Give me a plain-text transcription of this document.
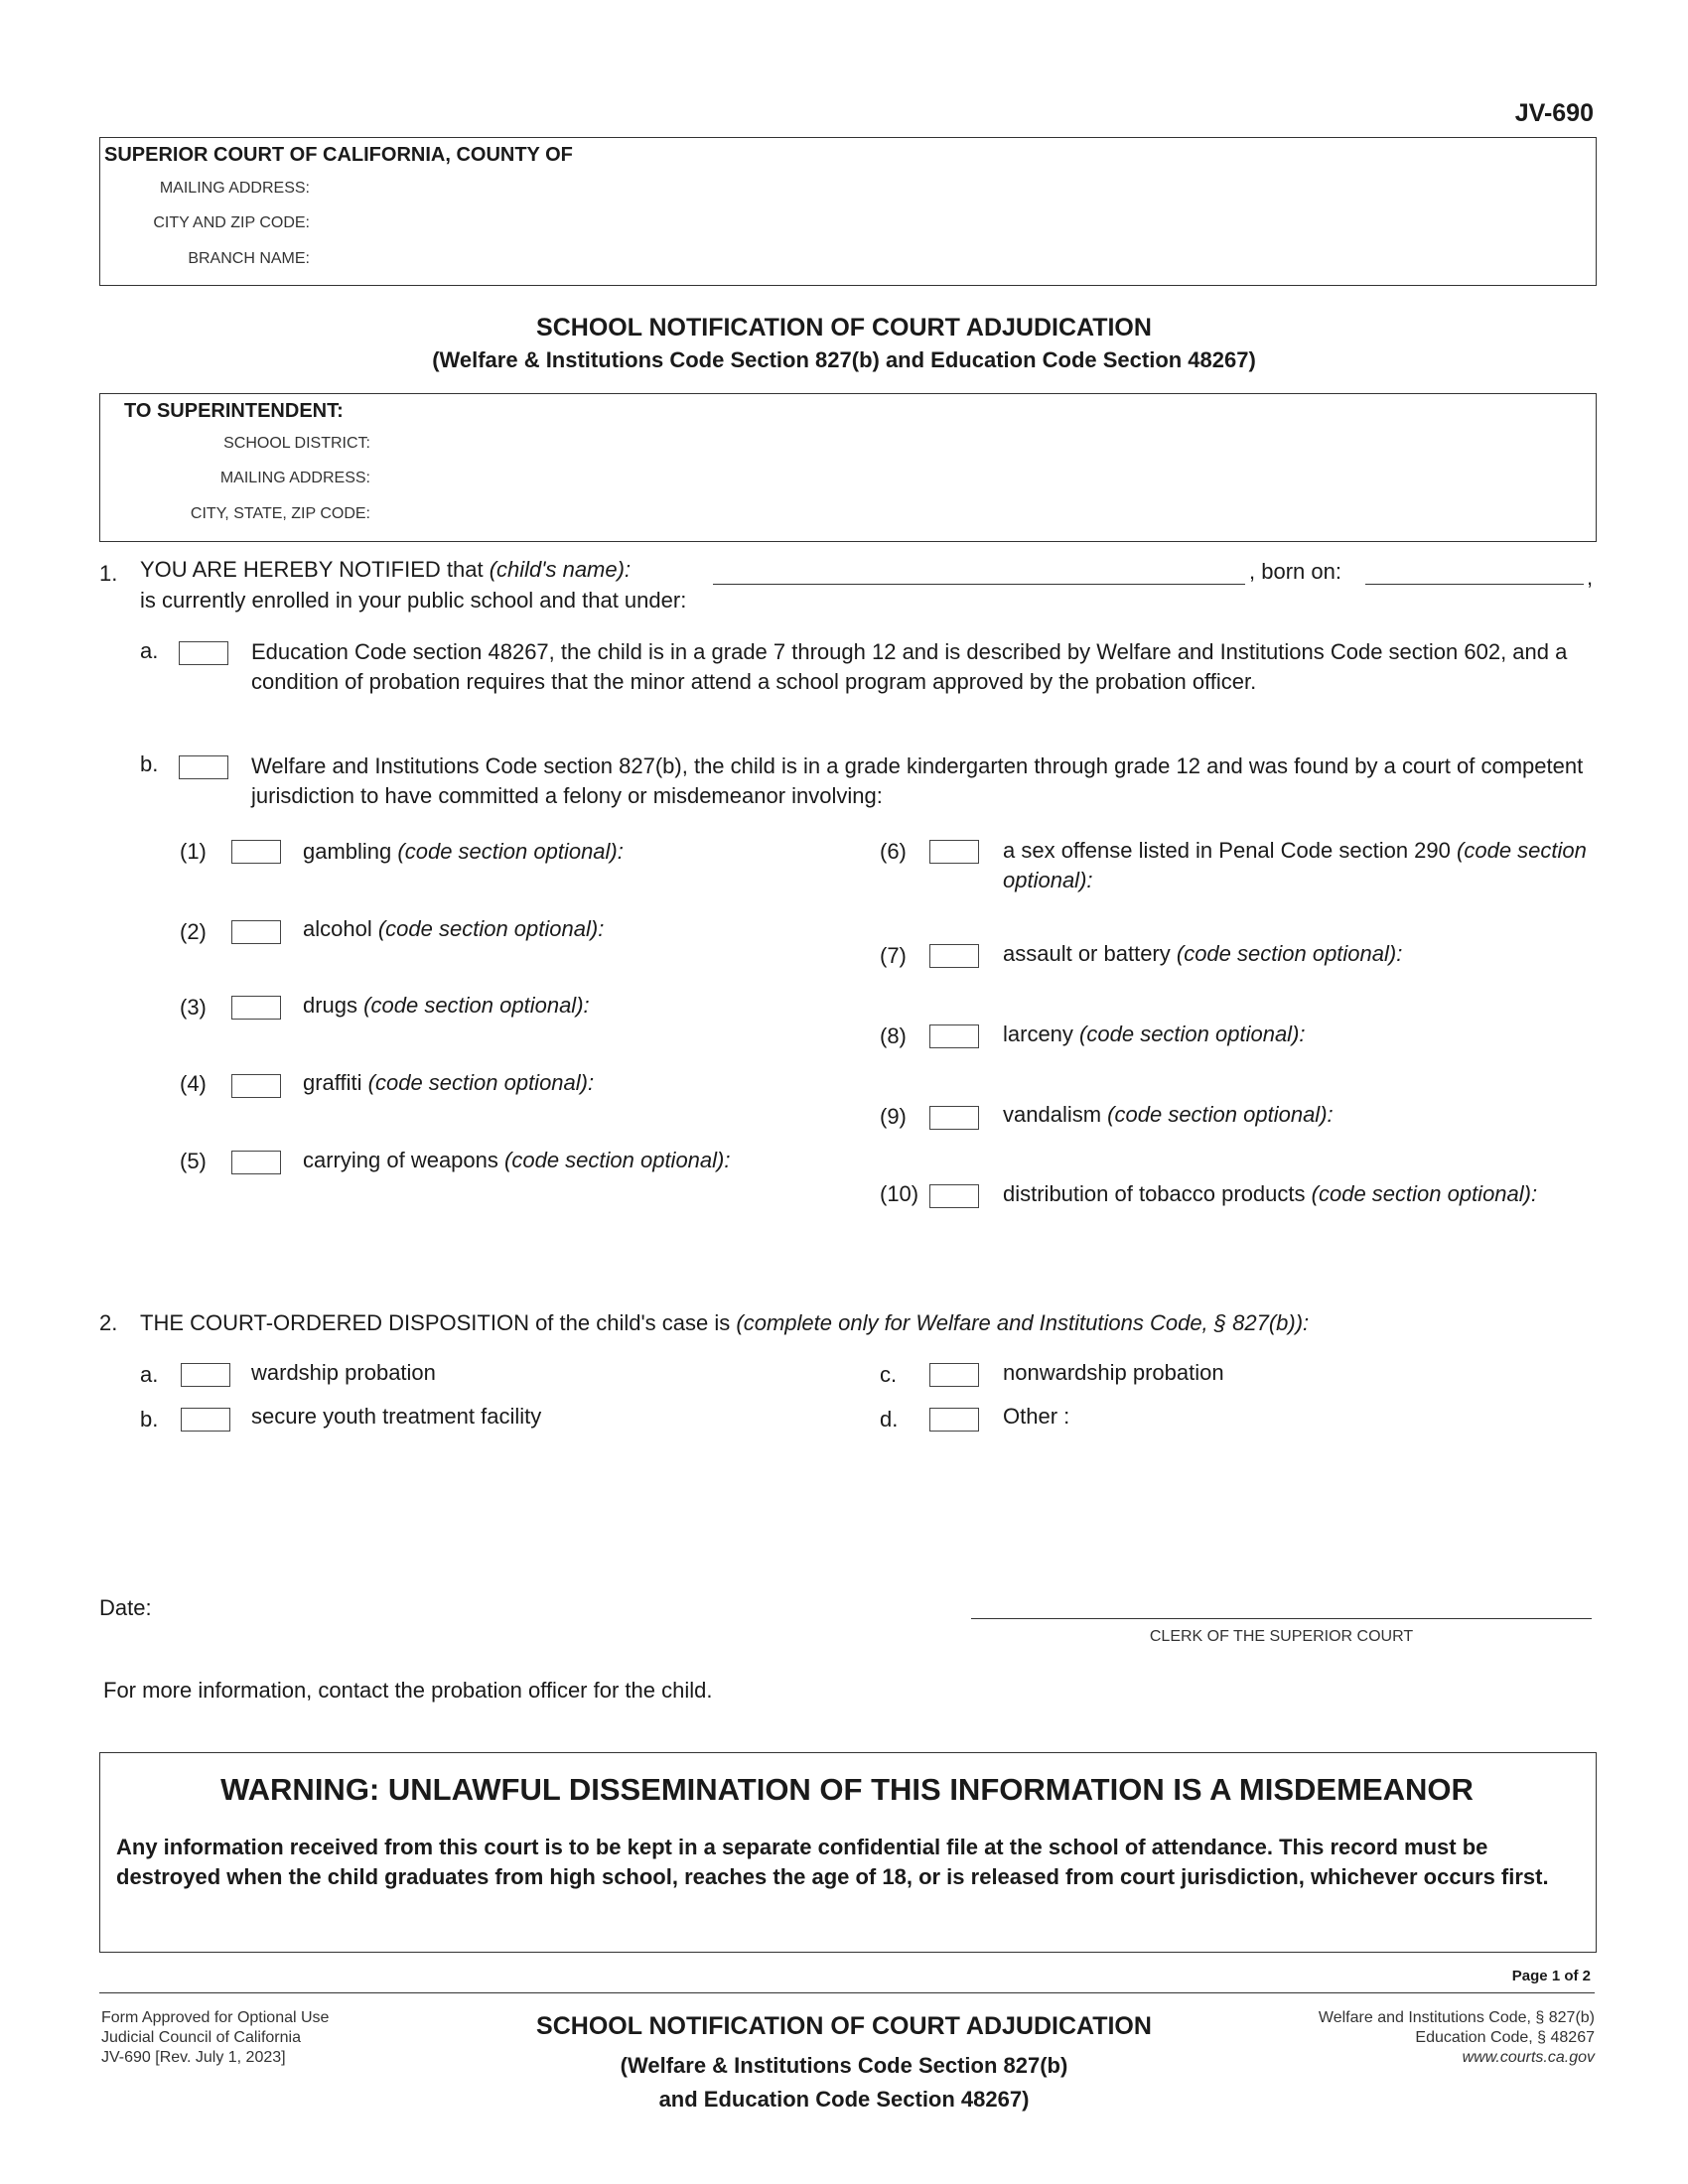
JV-690
SUPERIOR COURT OF CALIFORNIA, COUNTY OF
MAILING ADDRESS:
CITY AND ZIP CODE:
BRANCH NAME:
SCHOOL NOTIFICATION OF COURT ADJUDICATION
(Welfare & Institutions Code Section 827(b) and Education Code Section 48267)
TO SUPERINTENDENT:
SCHOOL DISTRICT:
MAILING ADDRESS:
CITY, STATE, ZIP CODE:
1. YOU ARE HEREBY NOTIFIED that (child's name):	, born on:	,
is currently enrolled in your public school and that under:
a.	Education Code section 48267, the child is in a grade 7 through 12 and is described by Welfare and Institutions Code section 602, and a condition of probation requires that the minor attend a school program approved by the probation officer.
b.	Welfare and Institutions Code section 827(b), the child is in a grade kindergarten through grade 12 and was found by a court of competent jurisdiction to have committed a felony or misdemeanor involving:
(1)	gambling (code section optional):
(2)	alcohol (code section optional):
(3)	drugs (code section optional):
(4)	graffiti (code section optional):
(5)	carrying of weapons (code section optional):
(6)	a sex offense listed in Penal Code section 290 (code section optional):
(7)	assault or battery (code section optional):
(8)	larceny (code section optional):
(9)	vandalism (code section optional):
(10)	distribution of tobacco products (code section optional):
2. THE COURT-ORDERED DISPOSITION of the child's case is (complete only for Welfare and Institutions Code, § 827(b)):
a.	wardship probation
b.	secure youth treatment facility
c.	nonwardship probation
d.	Other :
Date:
CLERK OF THE SUPERIOR COURT
For more information, contact the probation officer for the child.
WARNING: UNLAWFUL DISSEMINATION OF THIS INFORMATION IS A MISDEMEANOR
Any information received from this court is to be kept in a separate confidential file at the school of attendance. This record must be destroyed when the child graduates from high school, reaches the age of 18, or is released from court jurisdiction, whichever occurs first.
Page 1 of 2
Form Approved for Optional Use
Judicial Council of California
JV-690 [Rev. July 1, 2023]
SCHOOL NOTIFICATION OF COURT ADJUDICATION
(Welfare & Institutions Code Section 827(b)
and Education Code Section 48267)
Welfare and Institutions Code, § 827(b)
Education Code, § 48267
www.courts.ca.gov
